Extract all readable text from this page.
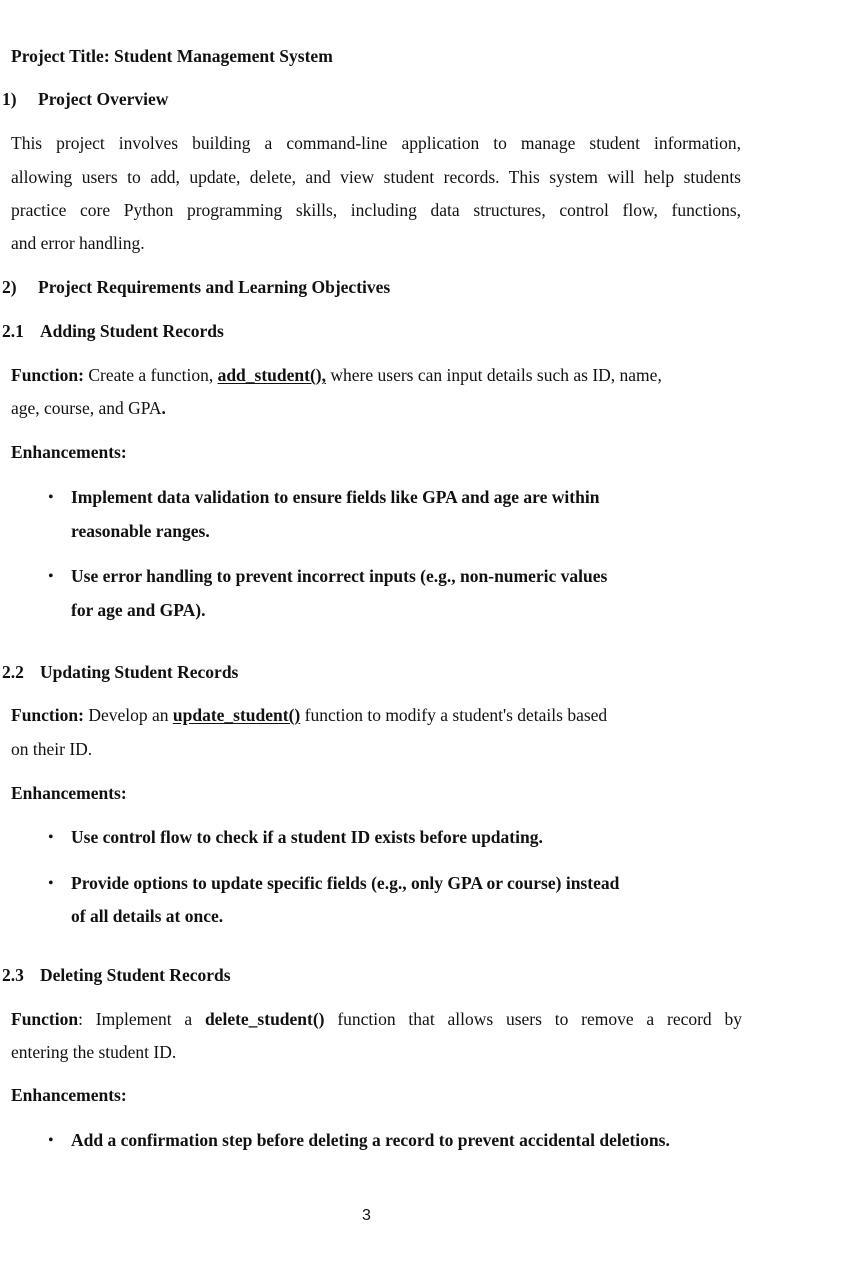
Project Title: Student Management System
1) Project Overview
This project involves building a command-line application to manage student information,
allowing users to add, update, delete, and view student records. This system will help students
practice core Python programming skills, including data structures, control flow, functions,
and error handling.
2) Project Requirements and Learning Objectives
2.1 Adding Student Records
Function: Create a function, add_student(), where users can input details such as ID, name,
age, course, and GPA.
Enhancements:
• Implement data validation to ensure fields like GPA and age are within
reasonable ranges.
• Use error handling to prevent incorrect inputs (e.g., non-numeric values
for age and GPA).
2.2 Updating Student Records
Function: Develop an update_student() function to modify a student's details based
on their ID.
Enhancements:
• Use control flow to check if a student ID exists before updating.
• Provide options to update specific fields (e.g., only GPA or course) instead
of all details at once.
2.3 Deleting Student Records
Function: Implement a delete_student() function that allows users to remove a record by
entering the student ID.
Enhancements:
• Add a confirmation step before deleting a record to prevent accidental deletions.
3
